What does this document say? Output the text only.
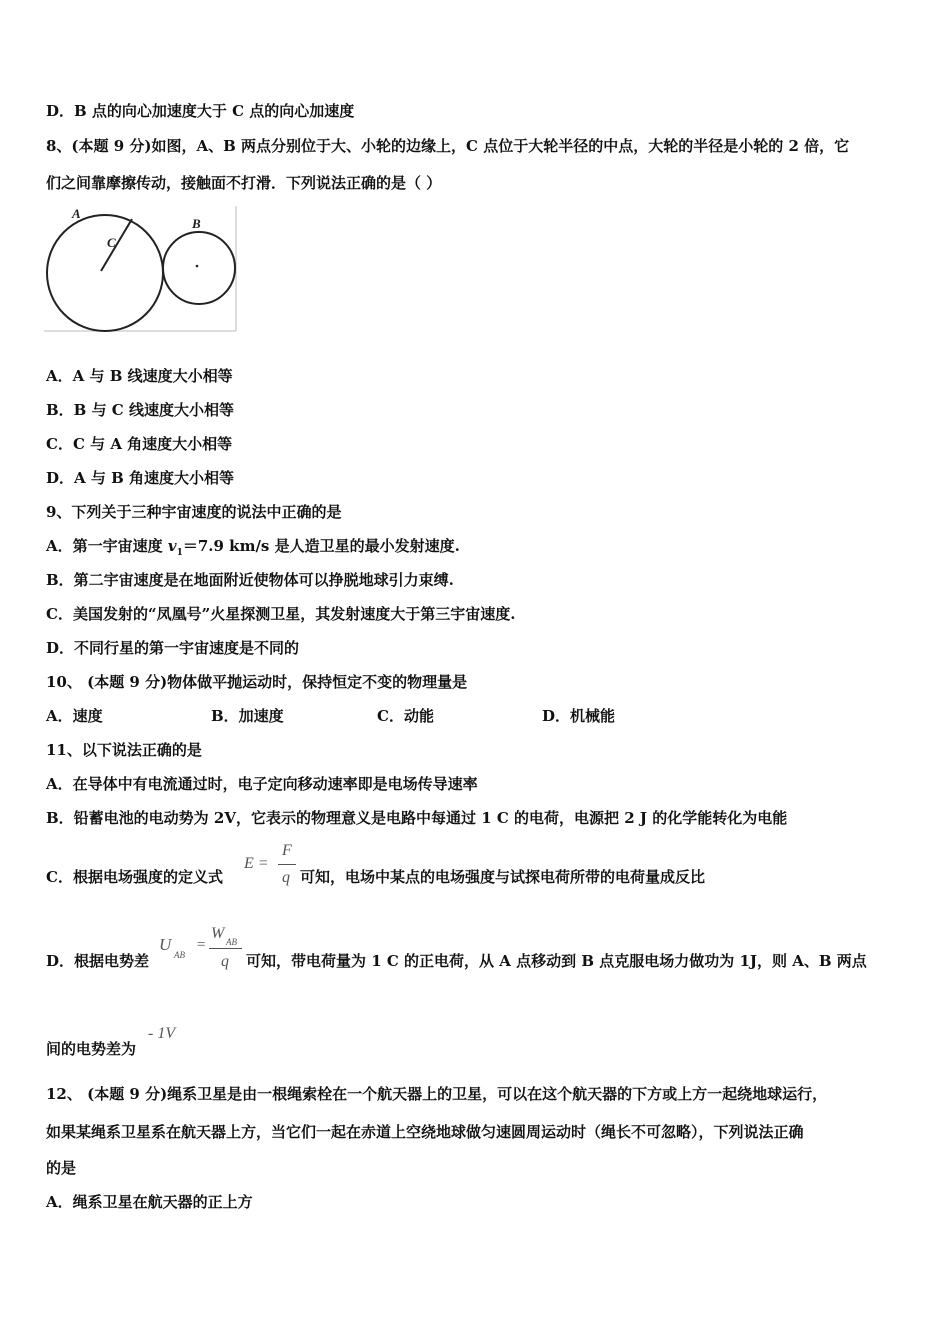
D．B 点的向心加速度大于 C 点的向心加速度
8、(本题 9 分)如图，A、B 两点分别位于大、小轮的边缘上，C 点位于大轮半径的中点，大轮的半径是小轮的 2 倍，它
们之间靠摩擦传动，接触面不打滑．下列说法正确的是（ ）
A
B
C
A．A 与 B 线速度大小相等
B．B 与 C 线速度大小相等
C．C 与 A 角速度大小相等
D．A 与 B 角速度大小相等
9、下列关于三种宇宙速度的说法中正确的是
A．第一宇宙速度 $v_1=7.9$ km/s 是人造卫星的最小发射速度.
B．第二宇宙速度是在地面附近使物体可以挣脱地球引力束缚.
C．美国发射的“凤凰号”火星探测卫星，其发射速度大于第三宇宙速度.
D．不同行星的第一宇宙速度是不同的
10、 (本题 9 分)物体做平抛运动时，保持恒定不变的物理量是
A．速度	B．加速度	C．动能	D．机械能
11、以下说法正确的是
A．在导体中有电流通过时，电子定向移动速率即是电场传导速率
B．铅蓄电池的电动势为 2V，它表示的物理意义是电路中每通过 1 C 的电荷，电源把 2 J 的化学能转化为电能
C．根据电场强度的定义式
E =
F
q 可知，电场中某点的电场强度与试探电荷所带的电荷量成反比
D．根据电势差
U
AB
=
W AB
q 可知，带电荷量为 1 C 的正电荷，从 A 点移动到 B 点克服电场力做功为 1J，则 A、B 两点
间的电势差为
- 1V
12、 (本题 9 分)绳系卫星是由一根绳索栓在一个航天器上的卫星，可以在这个航天器的下方或上方一起绕地球运行，
如果某绳系卫星系在航天器上方，当它们一起在赤道上空绕地球做匀速圆周运动时（绳长不可忽略），下列说法正确
的是
A．绳系卫星在航天器的正上方
